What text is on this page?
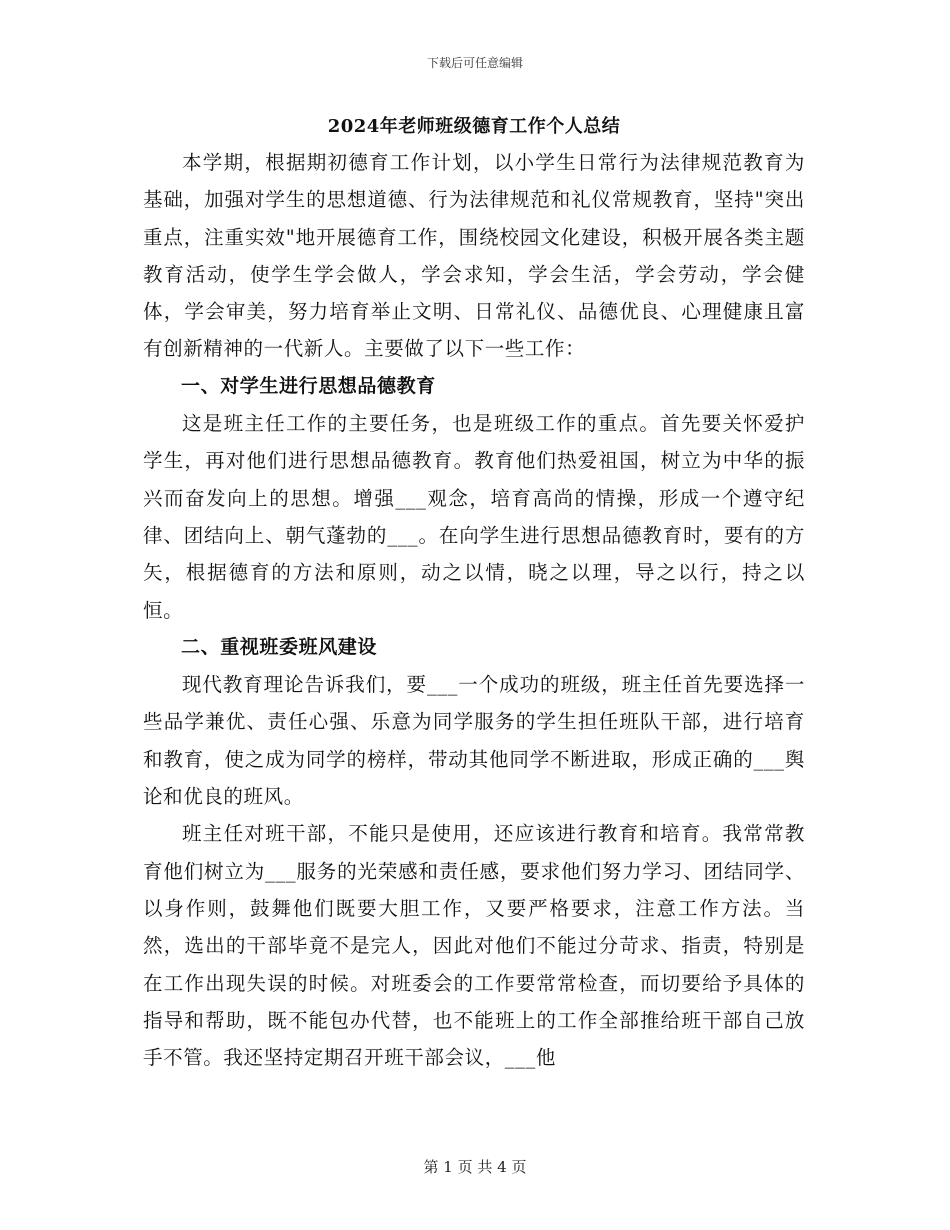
下载后可任意编辑
2024年老师班级德育工作个人总结

本学期，根据期初德育工作计划，以小学生日常行为法律规范教育为基础，加强对学生的思想道德、行为法律规范和礼仪常规教育，坚持"突出重点，注重实效"地开展德育工作，围绕校园文化建设，积极开展各类主题教育活动，使学生学会做人，学会求知，学会生活，学会劳动，学会健体，学会审美，努力培育举止文明、日常礼仪、品德优良、心理健康且富有创新精神的一代新人。主要做了以下一些工作：

一、对学生进行思想品德教育

这是班主任工作的主要任务，也是班级工作的重点。首先要关怀爱护学生，再对他们进行思想品德教育。教育他们热爱祖国，树立为中华的振兴而奋发向上的思想。增强___观念，培育高尚的情操，形成一个遵守纪律、团结向上、朝气蓬勃的___。在向学生进行思想品德教育时，要有的方矢，根据德育的方法和原则，动之以情，晓之以理，导之以行，持之以恒。

二、重视班委班风建设

现代教育理论告诉我们，要___一个成功的班级，班主任首先要选择一些品学兼优、责任心强、乐意为同学服务的学生担任班队干部，进行培育和教育，使之成为同学的榜样，带动其他同学不断进取，形成正确的___舆论和优良的班风。

班主任对班干部，不能只是使用，还应该进行教育和培育。我常常教育他们树立为___服务的光荣感和责任感，要求他们努力学习、团结同学、以身作则，鼓舞他们既要大胆工作，又要严格要求，注意工作方法。当然，选出的干部毕竟不是完人，因此对他们不能过分苛求、指责，特别是在工作出现失误的时候。对班委会的工作要常常检查，而切要给予具体的指导和帮助，既不能包办代替，也不能班上的工作全部推给班干部自己放手不管。我还坚持定期召开班干部会议，___他

第 1 页 共 4 页
